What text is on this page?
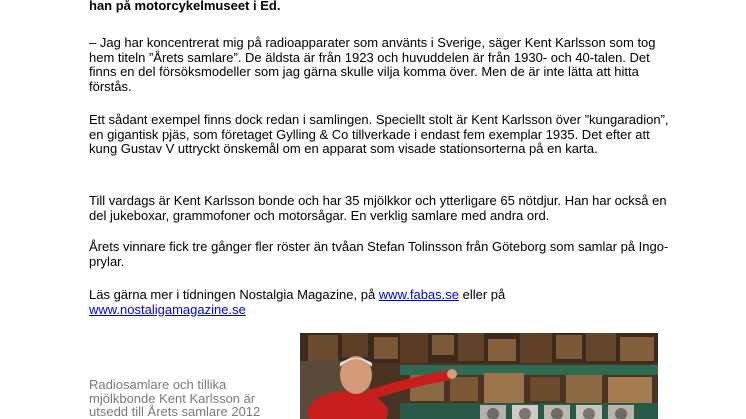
han på motorcykelmuseet i Ed.

– Jag har koncentrerat mig på radioapparater som använts i Sverige, säger Kent Karlsson som tog hem titeln ”Årets samlare”. De äldsta är från 1923 och huvuddelen är från 1930- och 40-talen. Det finns en del försöksmodeller som jag gärna skulle vilja komma över. Men de är inte lätta att hitta förstås.

Ett sådant exempel finns dock redan i samlingen. Speciellt stolt är Kent Karlsson över ”kungaradion”, en gigantisk pjäs, som företaget Gylling & Co tillverkade i endast fem exemplar 1935. Det efter att kung Gustav V uttryckt önskemål om en apparat som visade stationsorterna på en karta.

Till vardags är Kent Karlsson bonde och har 35 mjölkkor och ytterligare 65 nötdjur. Han har också en del jukeboxar, grammofoner och motorsågar. En verklig samlare med andra ord.

Årets vinnare fick tre gånger fler röster än tvåan Stefan Tolinsson från Göteborg som samlar på Ingo-prylar.

Läs gärna mer i tidningen Nostalgia Magazine, på www.fabas.se eller på
www.nostaligamagazine.se

Radiosamlare och tillika mjölkbonde Kent Karlsson är utsedd till Årets samlare 2012
